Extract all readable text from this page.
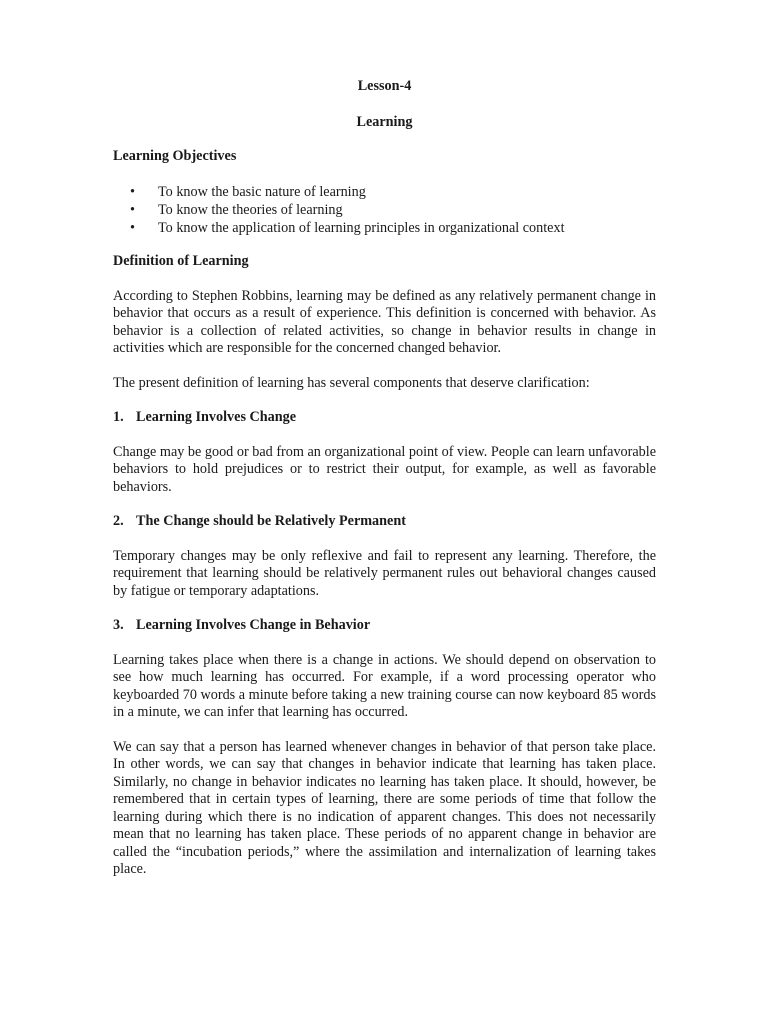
Lesson-4

Learning

Learning Objectives
• To know the basic nature of learning
• To know the theories of learning
• To know the application of learning principles in organizational context
Definition of Learning

According to Stephen Robbins, learning may be defined as any relatively permanent change in behavior that occurs as a result of experience. This definition is concerned with behavior. As behavior is a collection of related activities, so change in behavior results in change in activities which are responsible for the concerned changed behavior.

The present definition of learning has several components that deserve clarification:

1. Learning Involves Change

Change may be good or bad from an organizational point of view. People can learn unfavorable behaviors to hold prejudices or to restrict their output, for example, as well as favorable behaviors.

2. The Change should be Relatively Permanent

Temporary changes may be only reflexive and fail to represent any learning. Therefore, the requirement that learning should be relatively permanent rules out behavioral changes caused by fatigue or temporary adaptations.

3. Learning Involves Change in Behavior

Learning takes place when there is a change in actions. We should depend on observation to see how much learning has occurred. For example, if a word processing operator who keyboarded 70 words a minute before taking a new training course can now keyboard 85 words in a minute, we can infer that learning has occurred.

We can say that a person has learned whenever changes in behavior of that person take place. In other words, we can say that changes in behavior indicate that learning has taken place. Similarly, no change in behavior indicates no learning has taken place. It should, however, be remembered that in certain types of learning, there are some periods of time that follow the learning during which there is no indication of apparent changes. This does not necessarily mean that no learning has taken place. These periods of no apparent change in behavior are called the “incubation periods,” where the assimilation and internalization of learning takes place.
